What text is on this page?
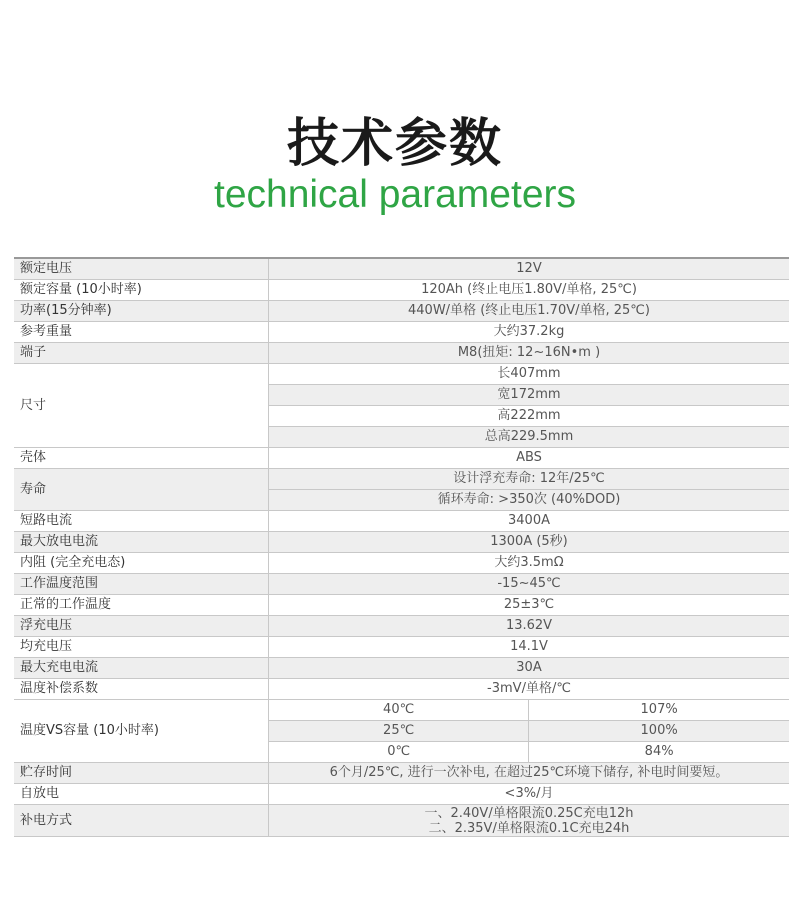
技术参数
technical parameters
额定电压	12V	
额定容量 (10小时率)	120Ah (终止电压1.80V/单格, 25℃)	
功率(15分钟率)	440W/单格 (终止电压1.70V/单格, 25℃)	
参考重量	大约37.2kg	
端子	M8(扭矩: 12~16N•m )	
尺寸	长407mm	
	宽172mm	
	高222mm	
	总高229.5mm	
壳体	ABS	
寿命	设计浮充寿命: 12年/25℃	
	循环寿命: >350次 (40%DOD)	
短路电流	3400A	
最大放电电流	1300A (5秒)	
内阻 (完全充电态)	大约3.5mΩ	
工作温度范围	-15~45℃	
正常的工作温度	25±3℃	
浮充电压	13.62V	
均充电压	14.1V	
最大充电电流	30A	
温度补偿系数	-3mV/单格/℃	
温度VS容量 (10小时率)	40℃	107%
	25℃	100%
	0℃	84%
贮存时间	6个月/25℃, 进行一次补电, 在超过25℃环境下储存, 补电时间要短。	
自放电	<3%/月	
补电方式	一、2.40V/单格限流0.25C充电12h
二、2.35V/单格限流0.1C充电24h	
